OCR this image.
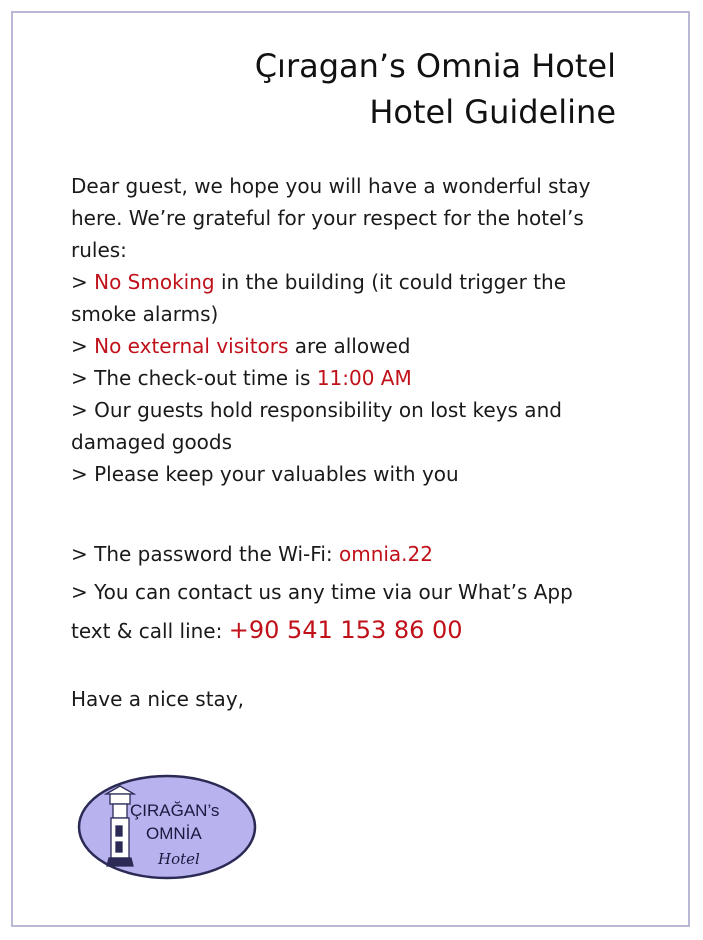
Çıragan’s Omnia Hotel
Hotel Guideline

Dear guest, we hope you will have a wonderful stay here. We’re grateful for your respect for the hotel’s rules:

> No Smoking in the building (it could trigger the smoke alarms)

> No external visitors are allowed

> The check-out time is 11:00 AM

> Our guests hold responsibility on lost keys and damaged goods

> Please keep your valuables with you

> The password the Wi-Fi: omnia.22

> You can contact us any time via our What’s App

text & call line: +90 541 153 86 00

Have a nice stay,

ÇIRAĞAN’s
OMNİA
Hotel
